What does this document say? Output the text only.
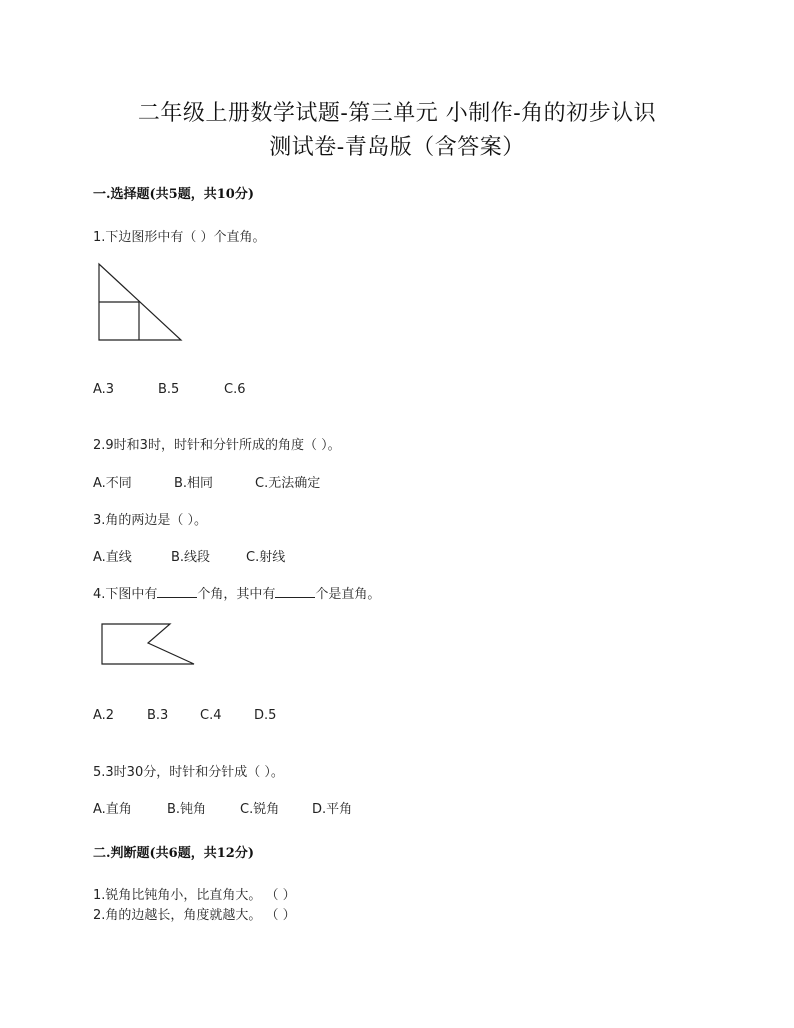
二年级上册数学试题-第三单元 小制作-角的初步认识
测试卷-青岛版（含答案）
一.选择题(共5题，共10分)
1.下边图形中有（ ）个直角。
A.3	B.5	C.6
2.9时和3时，时针和分针所成的角度（ ）。
A.不同	B.相同	C.无法确定
3.角的两边是（ ）。
A.直线	B.线段	C.射线
4.下图中有	个角，其中有	个是直角。
A.2	B.3 C.4	D.5
5.3时30分，时针和分针成（ ）。
A.直角	B.钝角	C.锐角	D.平角
二.判断题(共6题，共12分)
1.锐角比钝角小，比直角大。 （ ）
2.角的边越长，角度就越大。 （ ）
